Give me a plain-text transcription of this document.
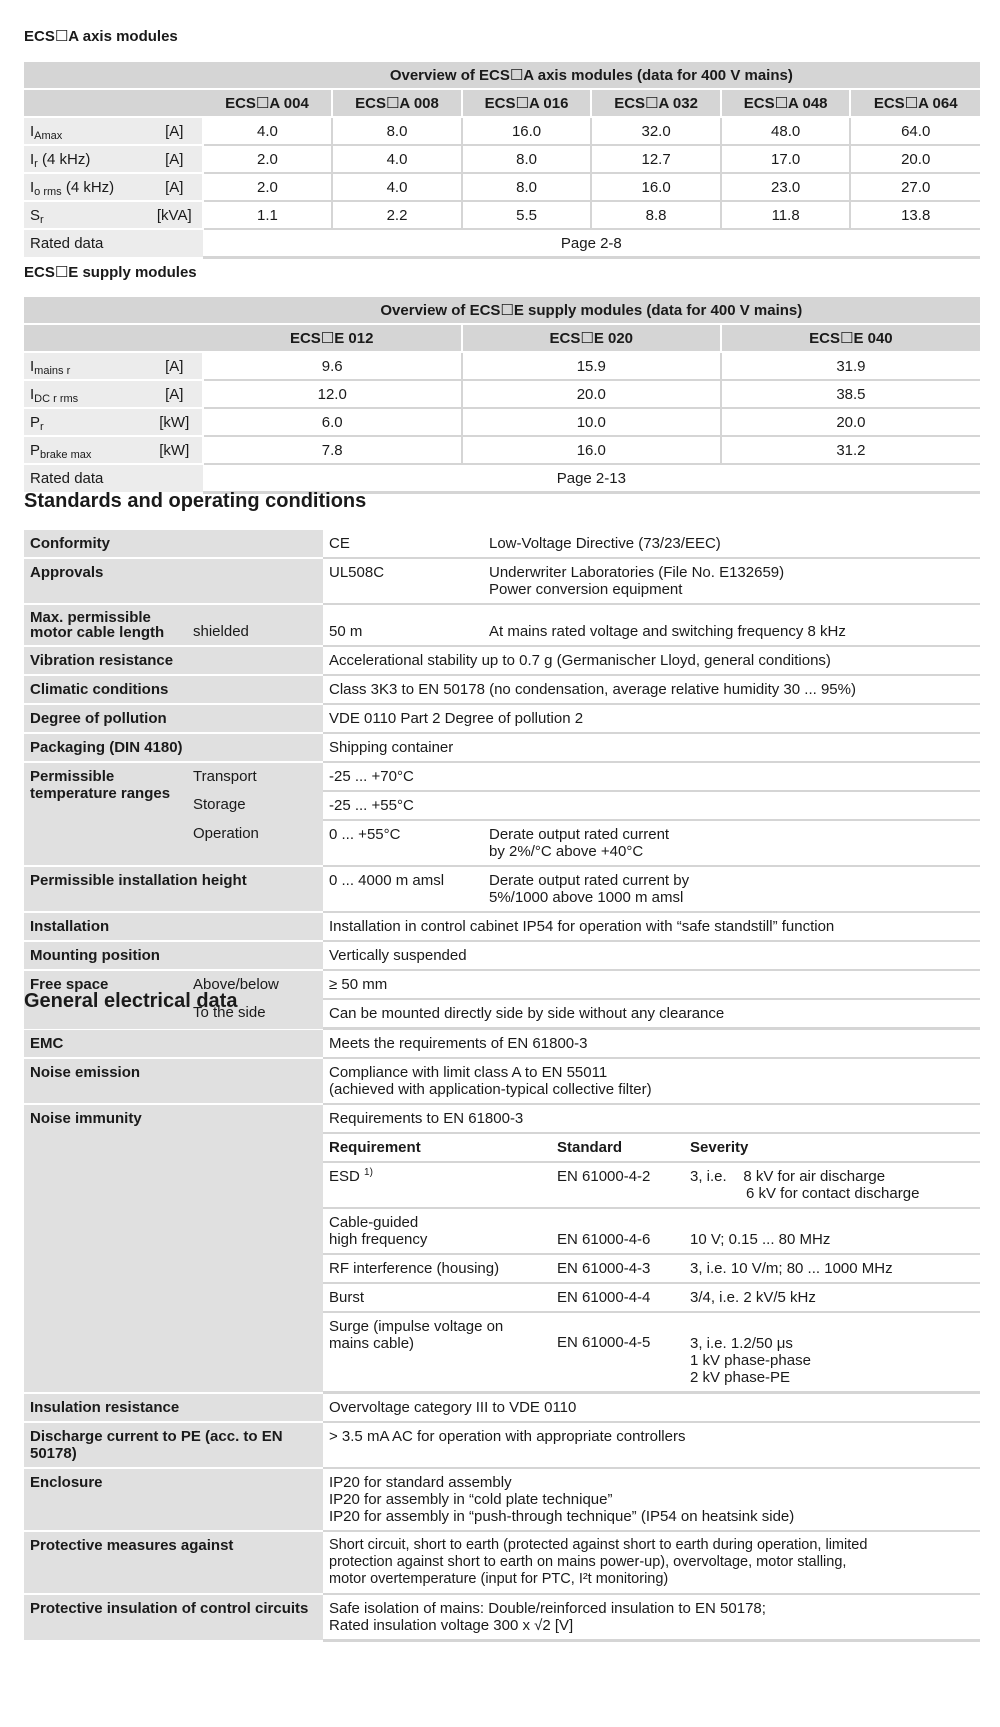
ECS☐A axis modules
		Overview of ECS☐A axis modules (data for 400 V mains)					
		ECS☐A 004	ECS☐A 008	ECS☐A 016	ECS☐A 032	ECS☐A 048	ECS☐A 064
$I_{Amax}$	[A]	4.0	8.0	16.0	32.0	48.0	64.0
$I_r$ (4 kHz)	[A]	2.0	4.0	8.0	12.7	17.0	20.0
$I_{o rms}$ (4 kHz)	[A]	2.0	4.0	8.0	16.0	23.0	27.0
$S_r$	[kVA]	1.1	2.2	5.5	8.8	11.8	13.8
Rated data		Page 2-8					
ECS☐E supply modules
		Overview of ECS☐E supply modules (data for 400 V mains)		
		ECS☐E 012	ECS☐E 020	ECS☐E 040
$I_{mains r}$	[A]	9.6	15.9	31.9
$I_{DC r rms}$	[A]	12.0	20.0	38.5
$P_r$	[kW]	6.0	10.0	20.0
$P_{brake max}$	[kW]	7.8	16.0	31.2
Rated data		Page 2-13		
Standards and operating conditions
Conformity		CE	Low-Voltage Directive (73/23/EEC)
Approvals		UL508C	Underwriter Laboratories (File No. E132659)
Power conversion equipment

Max. permissible
motor cable length	shielded	50 m	At mains rated voltage and switching frequency 8 kHz
Vibration resistance		Accelerational stability up to 0.7 g (Germanischer Lloyd, general conditions)	
Climatic conditions		Class 3K3 to EN 50178 (no condensation, average relative humidity 30 ... 95%)	
Degree of pollution		VDE 0110 Part 2 Degree of pollution 2	
Packaging (DIN 4180)		Shipping container	

Permissible
temperature ranges	Transport	-25 ... +70°C	
	Storage	-25 ... +55°C	
	Operation	0 ... +55°C	Derate output rated current
by 2%/°C above +40°C

Permissible installation height		0 ... 4000 m amsl	Derate output rated current by
5%/1000 above 1000 m amsl

Installation		Installation in control cabinet IP54 for operation with “safe standstill” function	
Mounting position		Vertically suspended	
Free space	Above/below	≥ 50 mm	
	To the side	Can be mounted directly side by side without any clearance	
General electrical data
EMC	Meets the requirements of EN 61800-3		
Noise emission	Compliance with limit class A to EN 55011
(achieved with application-typical collective filter)		

Noise immunity	Requirements to EN 61800-3		
	Requirement	Standard	Severity
	ESD $^{1)}$	EN 61000-4-2	3, i.e. 8 kV for air discharge
6 kV for contact discharge

	Cable-guided
high frequency	EN 61000-4-6	10 V; 0.15 ... 80 MHz
	RF interference (housing)	EN 61000-4-3	3, i.e. 10 V/m; 80 ... 1000 MHz
	Burst	EN 61000-4-4	3/4, i.e. 2 kV/5 kHz

	Surge (impulse voltage on
mains cable)	EN 61000-4-5	3, i.e. 1.2/50 μs
1 kV phase-phase
2 kV phase-PE

Insulation resistance	Overvoltage category III to VDE 0110		
Discharge current to PE (acc. to EN 50178)	> 3.5 mA AC for operation with appropriate controllers		
Enclosure	IP20 for standard assembly
IP20 for assembly in “cold plate technique”
IP20 for assembly in “push-through technique” (IP54 on heatsink side)		

Protective measures against	Short circuit, short to earth (protected against short to earth during operation, limited
protection against short to earth on mains power-up), overvoltage, motor stalling,
motor overtemperature (input for PTC, I²t monitoring)		

Protective insulation of control circuits	Safe isolation of mains: Double/reinforced insulation to EN 50178;
Rated insulation voltage 300 x √2 [V]		
